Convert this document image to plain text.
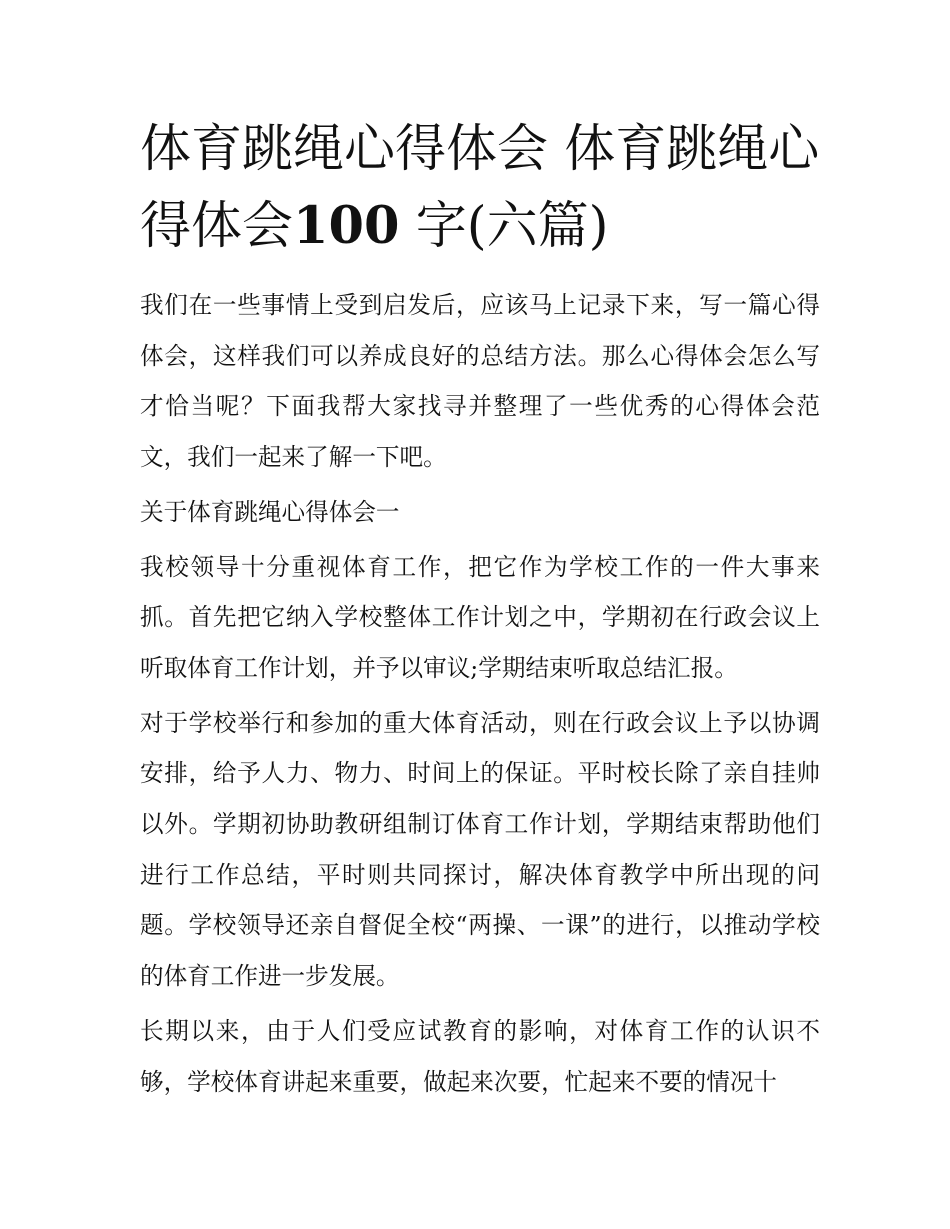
体育跳绳心得体会 体育跳绳心得体会100 字(六篇)

我们在一些事情上受到启发后，应该马上记录下来，写一篇心得体会，这样我们可以养成良好的总结方法。那么心得体会怎么写才恰当呢？下面我帮大家找寻并整理了一些优秀的心得体会范文，我们一起来了解一下吧。

关于体育跳绳心得体会一

我校领导十分重视体育工作，把它作为学校工作的一件大事来抓。首先把它纳入学校整体工作计划之中，学期初在行政会议上听取体育工作计划，并予以审议;学期结束听取总结汇报。

对于学校举行和参加的重大体育活动，则在行政会议上予以协调安排，给予人力、物力、时间上的保证。平时校长除了亲自挂帅以外。学期初协助教研组制订体育工作计划，学期结束帮助他们进行工作总结，平时则共同探讨，解决体育教学中所出现的问题。学校领导还亲自督促全校“两操、一课”的进行，以推动学校的体育工作进一步发展。

长期以来，由于人们受应试教育的影响，对体育工作的认识不够，学校体育讲起来重要，做起来次要，忙起来不要的情况十
